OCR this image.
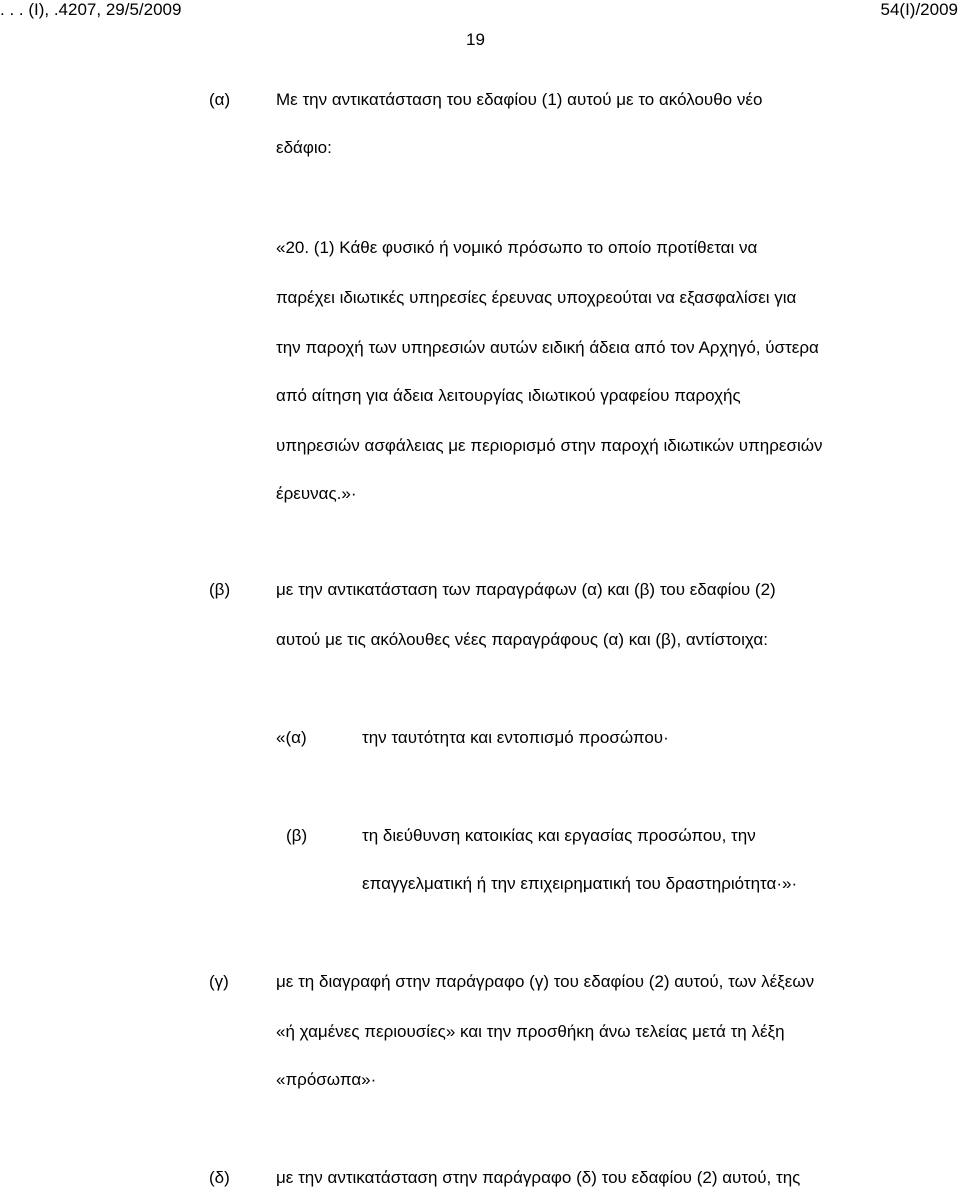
. . . (Ι), .4207, 29/5/2009	54(Ι)/2009
19
(α)	Με την αντικατάσταση του εδαφίου (1) αυτού με το ακόλουθο νέο
εδάφιο:
«20. (1) Κάθε φυσικό ή νομικό πρόσωπο το οποίο προτίθεται να
παρέχει ιδιωτικές υπηρεσίες έρευνας υποχρεούται να εξασφαλίσει για
την παροχή των υπηρεσιών αυτών ειδική άδεια από τον Αρχηγό, ύστερα
από αίτηση για άδεια λειτουργίας ιδιωτικού γραφείου παροχής
υπηρεσιών ασφάλειας με περιορισμό στην παροχή ιδιωτικών υπηρεσιών
έρευνας.»·
(β)	με την αντικατάσταση των παραγράφων (α) και (β) του εδαφίου (2)
αυτού με τις ακόλουθες νέες παραγράφους (α) και (β), αντίστοιχα:
«(α)	την ταυτότητα και εντοπισμό προσώπου·
(β)	τη διεύθυνση κατοικίας και εργασίας προσώπου, την
επαγγελματική ή την επιχειρηματική του δραστηριότητα·»·
(γ)	με τη διαγραφή στην παράγραφο (γ) του εδαφίου (2) αυτού, των λέξεων
«ή χαμένες περιουσίες» και την προσθήκη άνω τελείας μετά τη λέξη
«πρόσωπα»·
(δ)	με την αντικατάσταση στην παράγραφο (δ) του εδαφίου (2) αυτού, της
